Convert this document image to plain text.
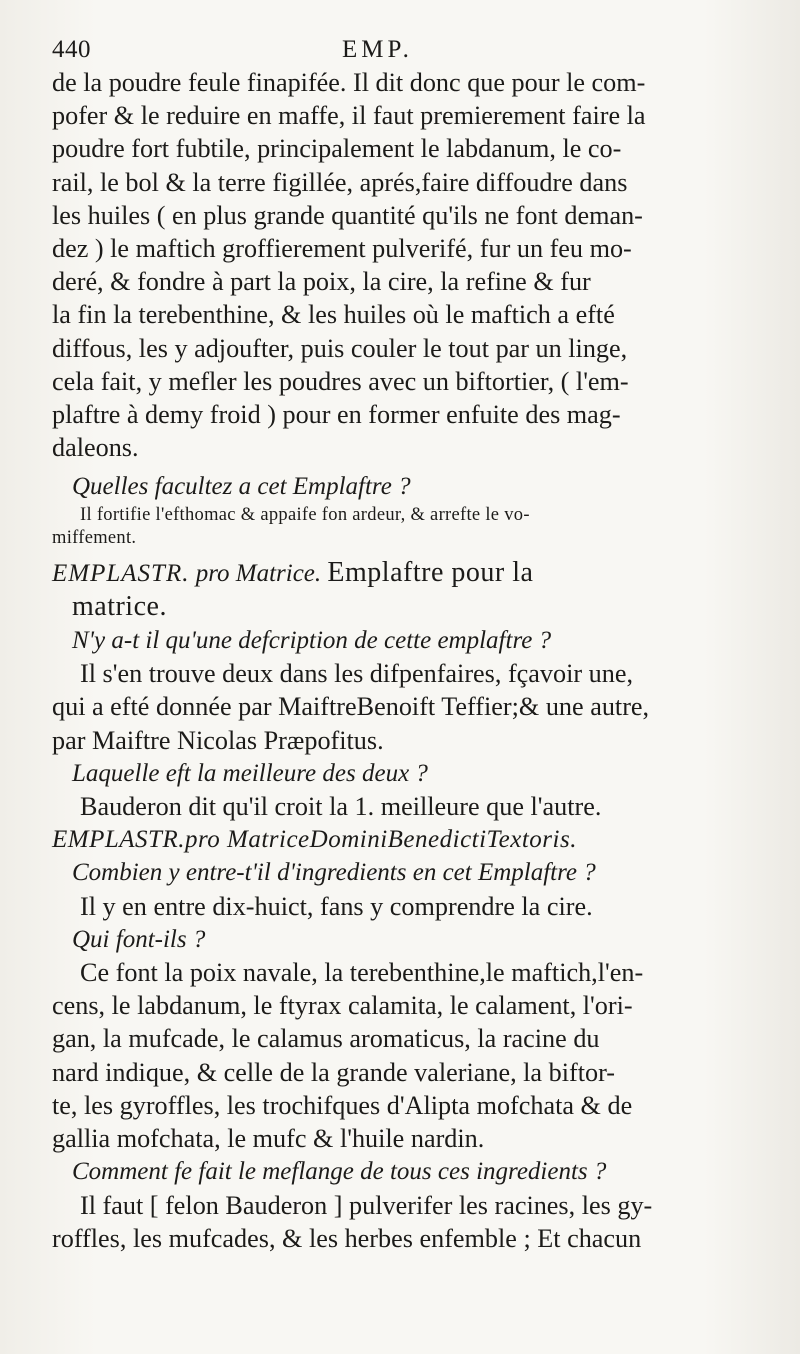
440	EMP.

de la poudre feule finapifée. Il dit donc que pour le com-

pofer & le reduire en maffe, il faut premierement faire la

poudre fort fubtile, principalement le labdanum, le co-

rail, le bol & la terre figillée, aprés,faire diffoudre dans

les huiles ( en plus grande quantité qu'ils ne font deman-

dez ) le maftich groffierement pulverifé, fur un feu mo-

deré, & fondre à part la poix, la cire, la refine & fur

la fin la terebenthine, & les huiles où le maftich a efté

diffous, les y adjoufter, puis couler le tout par un linge,

cela fait, y mefler les poudres avec un biftortier, ( l'em-

plaftre à demy froid ) pour en former enfuite des mag-

daleons.

Quelles facultez a cet Emplaftre ?

Il fortifie l'efthomac & appaife fon ardeur, & arrefte le vo-

miffement.

EMPLASTR. pro Matrice. Emplaftre pour la

matrice.

N'y a-t il qu'une defcription de cette emplaftre ?

Il s'en trouve deux dans les difpenfaires, fçavoir une,

qui a efté donnée par MaiftreBenoift Teffier;& une autre,

par Maiftre Nicolas Præpofitus.

Laquelle eft la meilleure des deux ?

Bauderon dit qu'il croit la 1. meilleure que l'autre.

EMPLASTR.pro MatriceDominiBenedictiTextoris.

Combien y entre-t'il d'ingredients en cet Emplaftre ?

Il y en entre dix-huict, fans y comprendre la cire.

Qui font-ils ?

Ce font la poix navale, la terebenthine,le maftich,l'en-

cens, le labdanum, le ftyrax calamita, le calament, l'ori-

gan, la mufcade, le calamus aromaticus, la racine du

nard indique, & celle de la grande valeriane, la biftor-

te, les gyroffles, les trochifques d'Alipta mofchata & de

gallia mofchata, le mufc & l'huile nardin.

Comment fe fait le meflange de tous ces ingredients ?

Il faut [ felon Bauderon ] pulverifer les racines, les gy-

roffles, les mufcades, & les herbes enfemble ; Et chacun
